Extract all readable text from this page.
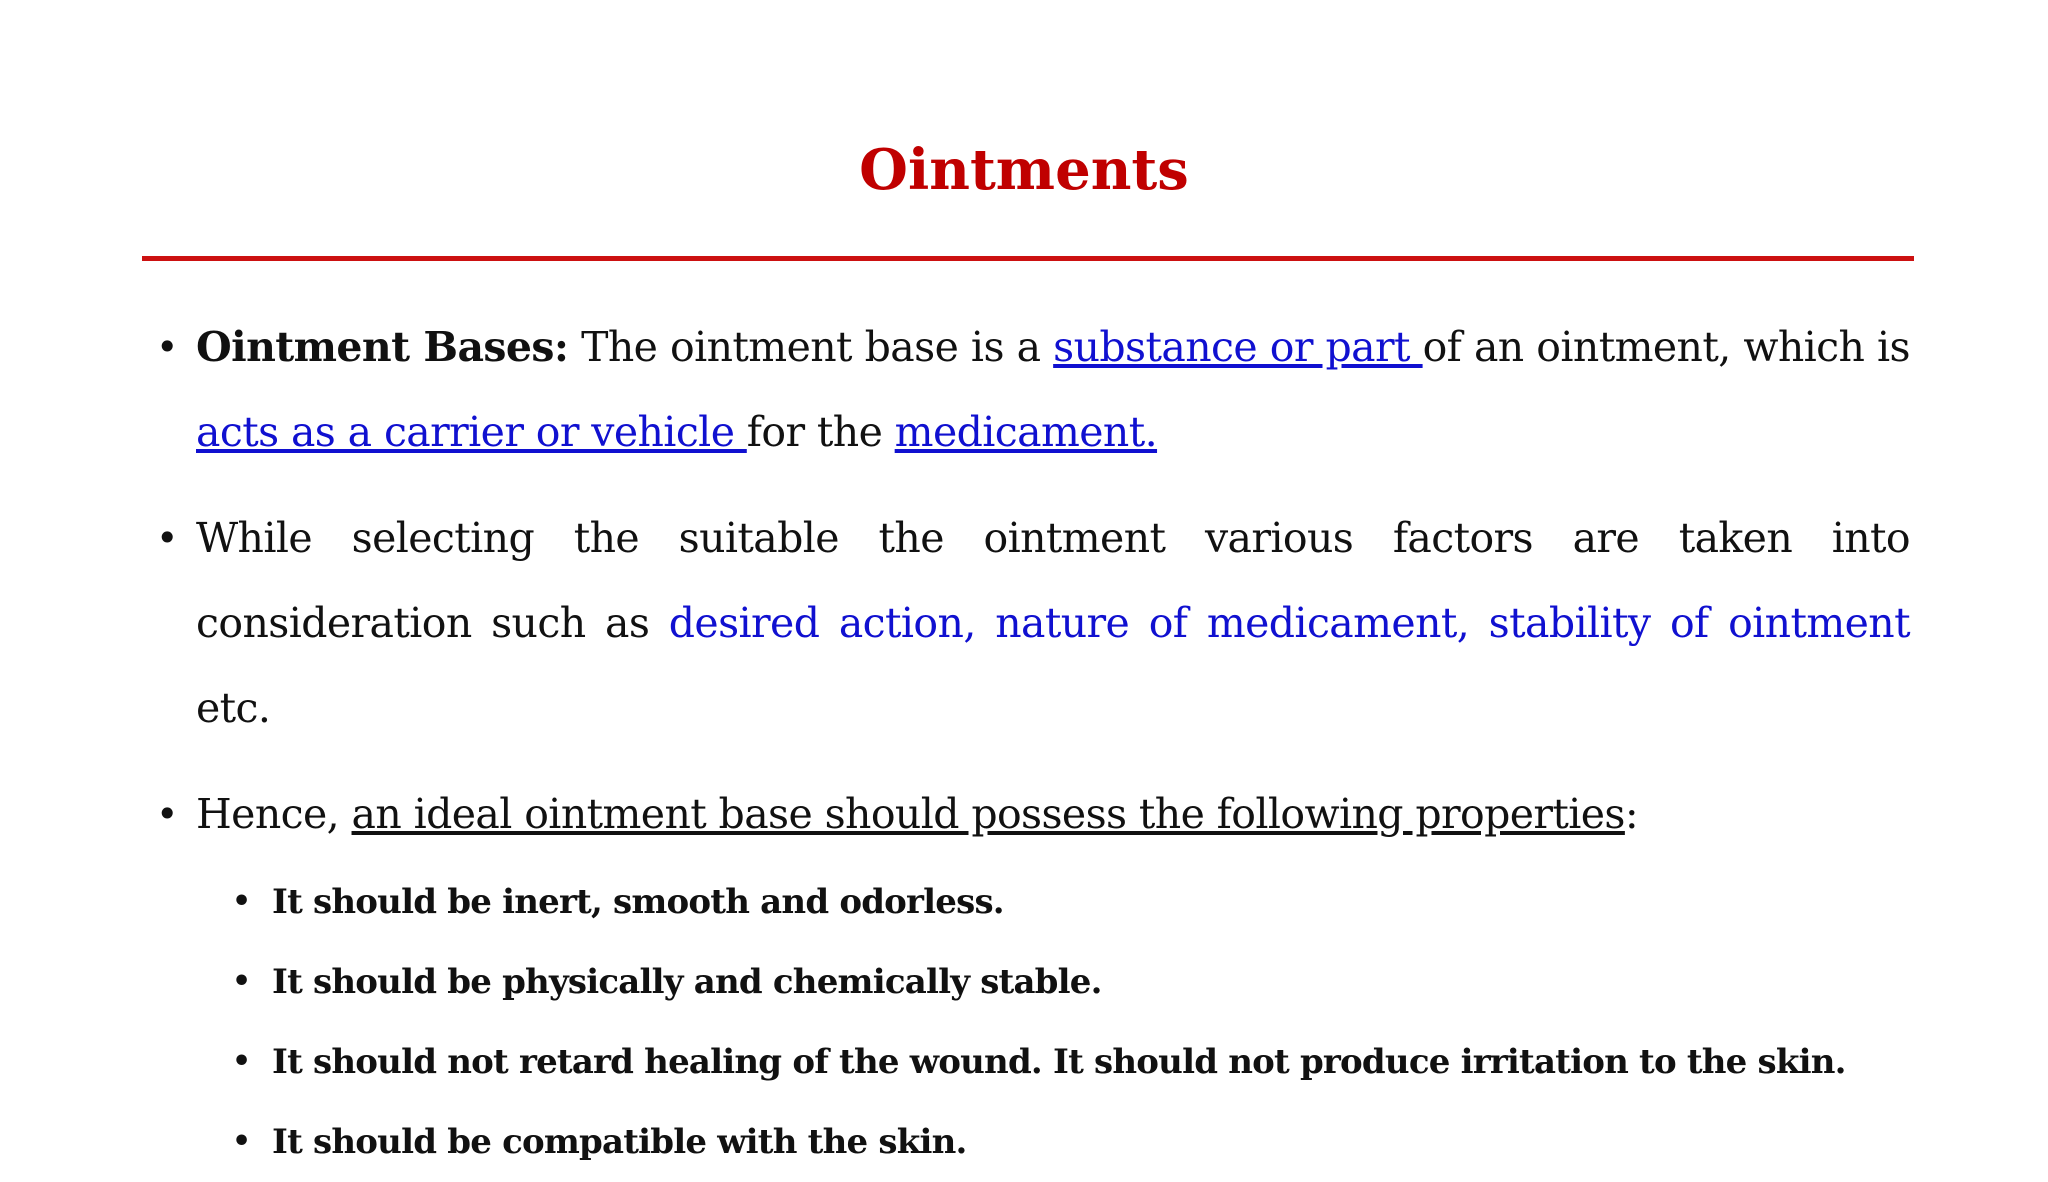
Ointments
• Ointment Bases: The ointment base is a substance or part of an ointment, which is acts as a carrier or vehicle for the medicament.
• While selecting the suitable the ointment various factors are taken into consideration such as desired action, nature of medicament, stability of ointment etc.
• Hence, an ideal ointment base should possess the following properties:
• It should be inert, smooth and odorless.
• It should be physically and chemically stable.
• It should not retard healing of the wound. It should not produce irritation to the skin.
• It should be compatible with the skin.
